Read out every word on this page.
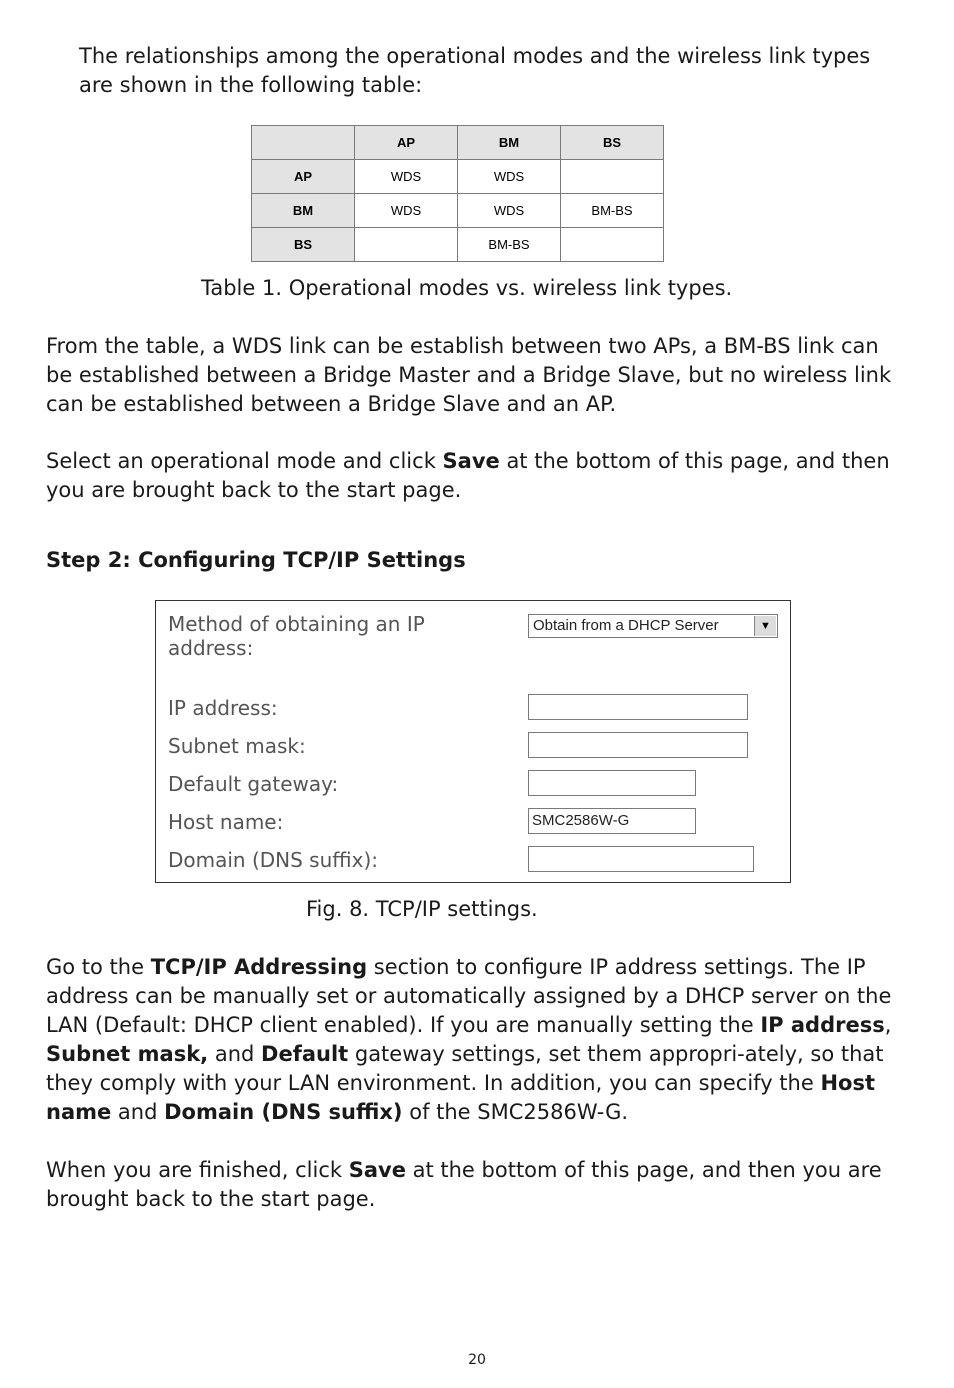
The relationships among the operational modes and the wireless link types are shown in the following table:

	AP	BM	BS
AP	WDS	WDS	
BM	WDS	WDS	BM-BS
BS		BM-BS	

Table 1. Operational modes vs. wireless link types.

From the table, a WDS link can be establish between two APs, a BM-BS link can be established between a Bridge Master and a Bridge Slave, but no wireless link can be established between a Bridge Slave and an AP.

Select an operational mode and click Save at the bottom of this page, and then you are brought back to the start page.

Step 2: Configuring TCP/IP Settings

Method of obtaining an IP address:

Obtain from a DHCP Server	▼

IP address:

Subnet mask:

Default gateway:

Host name:	SMC2586W-G

Domain (DNS suffix):

Fig. 8. TCP/IP settings.

Go to the TCP/IP Addressing section to configure IP address settings. The IP address can be manually set or automatically assigned by a DHCP server on the LAN (Default: DHCP client enabled). If you are manually setting the IP address, Subnet mask, and Default gateway settings, set them appropri-ately, so that they comply with your LAN environment. In addition, you can specify the Host name and Domain (DNS suffix) of the SMC2586W-G.

When you are finished, click Save at the bottom of this page, and then you are brought back to the start page.

20
